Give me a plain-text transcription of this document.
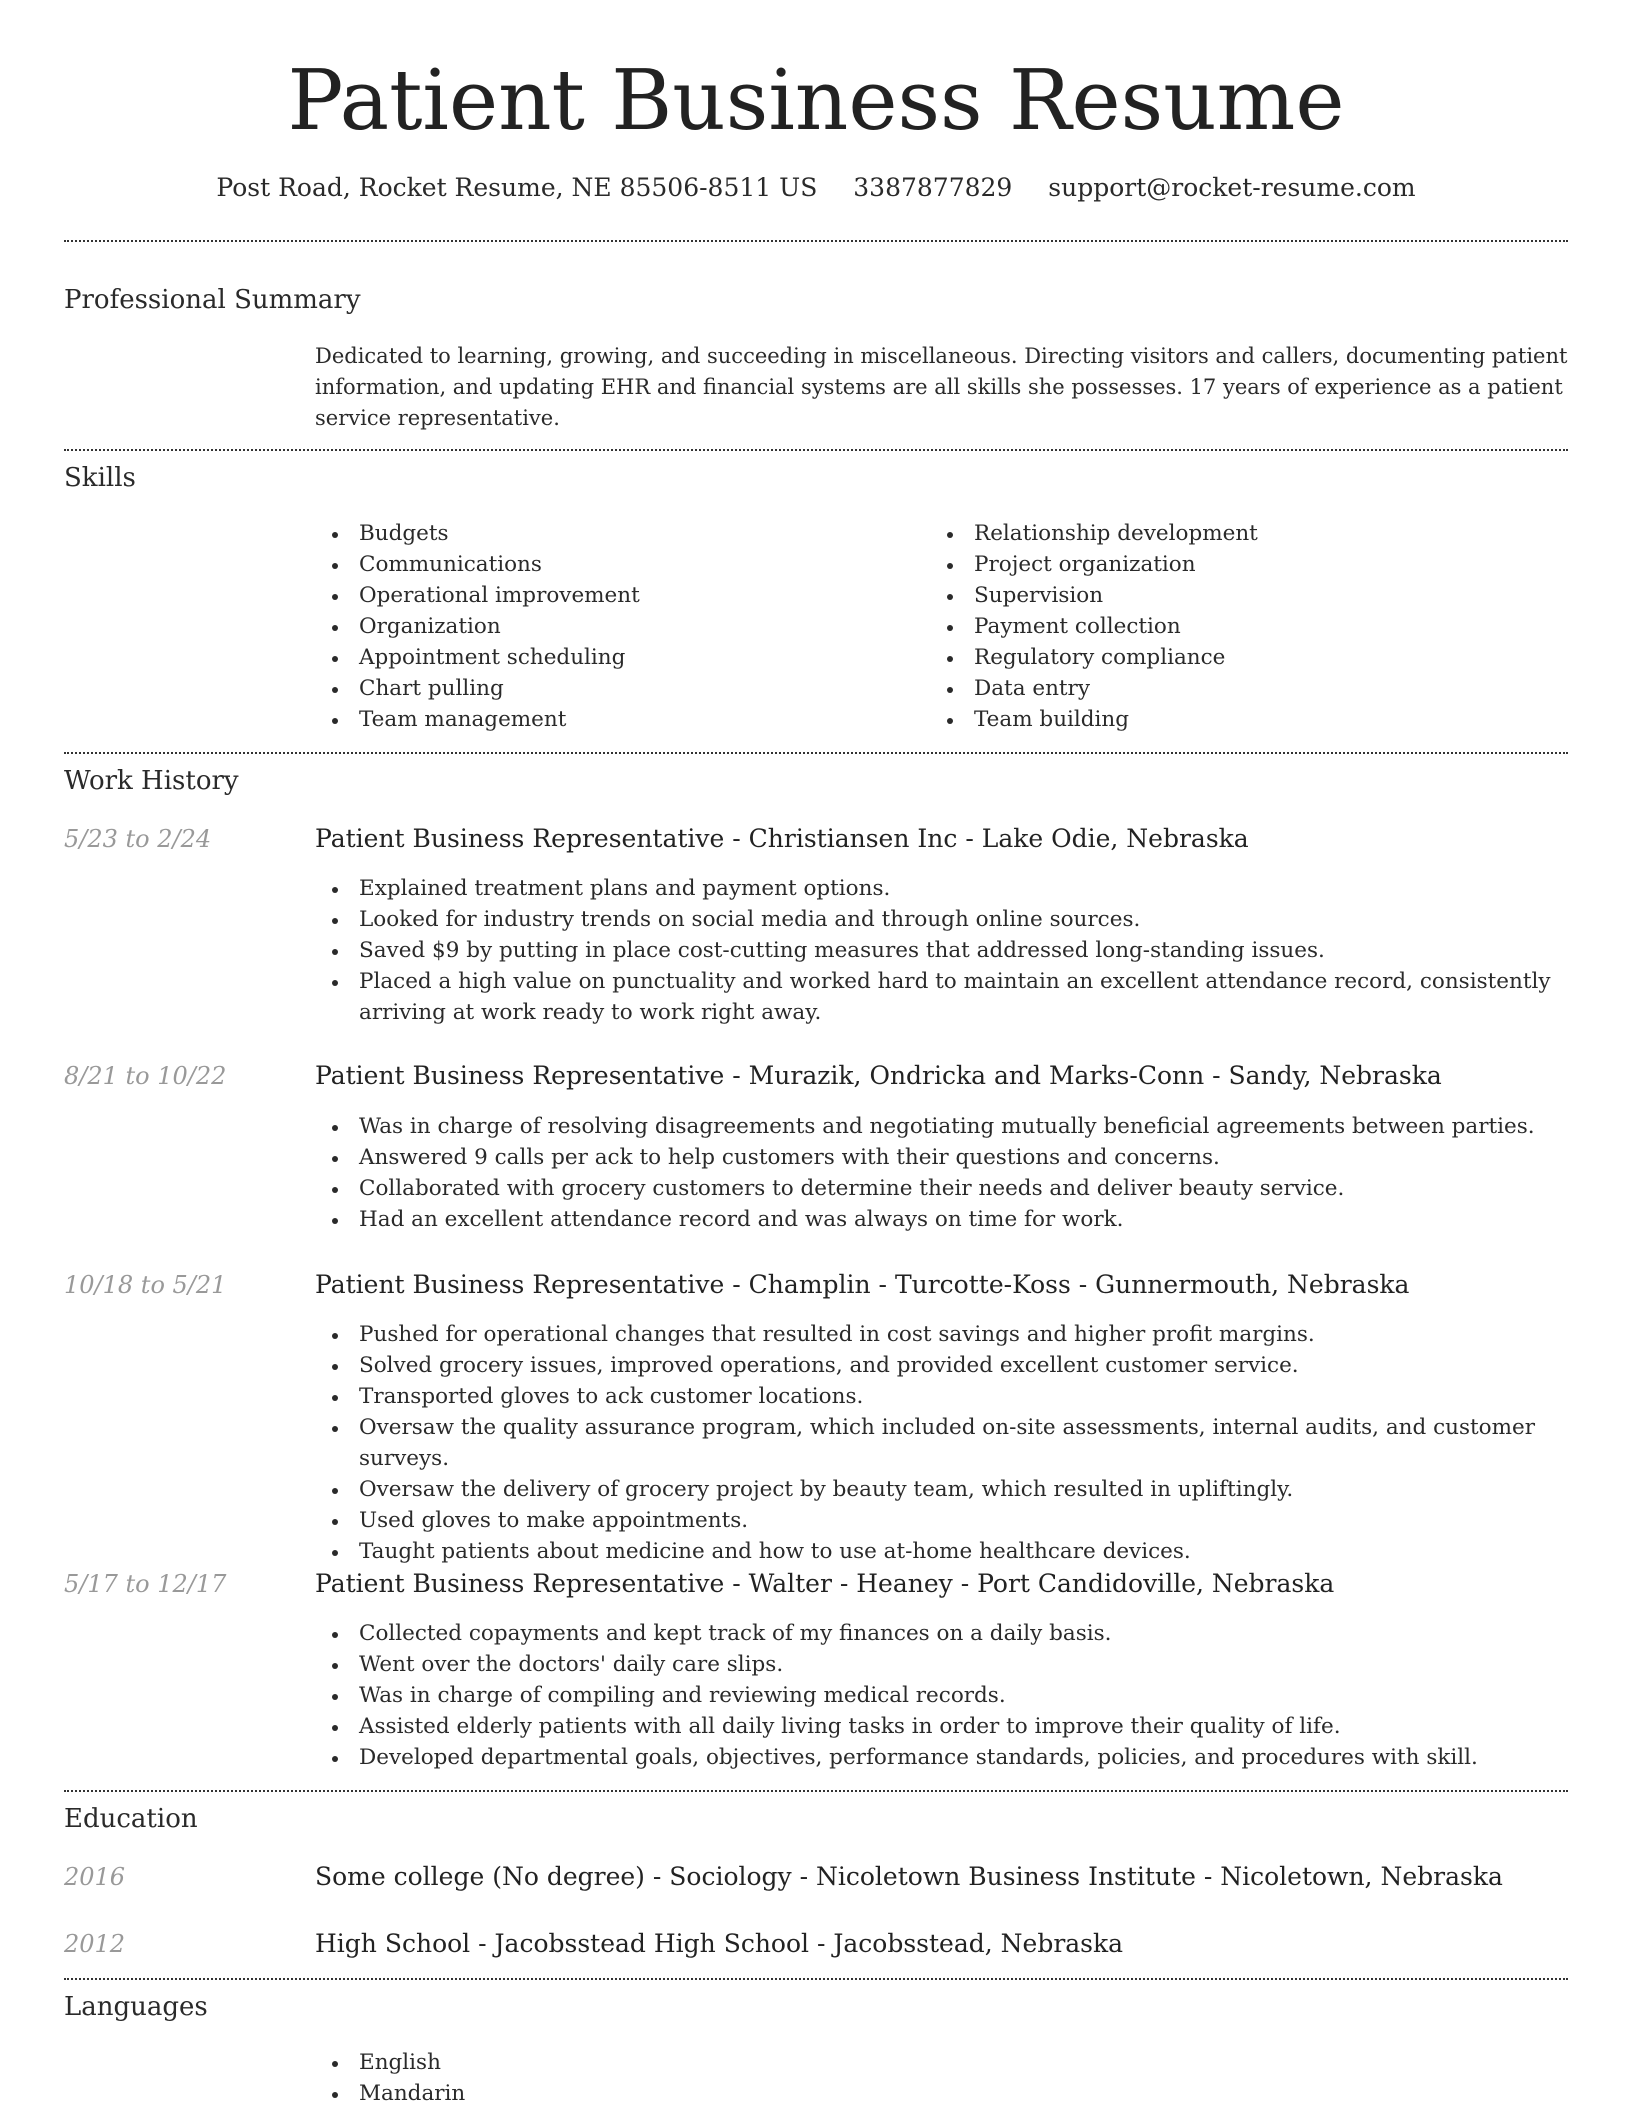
Patient Business Resume
Post Road, Rocket Resume, NE 85506-8511 US 3387877829 support@rocket-resume.com
Professional Summary

Dedicated to learning, growing, and succeeding in miscellaneous. Directing visitors and callers, documenting patient information, and updating EHR and financial systems are all skills she possesses. 17 years of experience as a patient service representative.

Skills
Budgets
Communications
Operational improvement
Organization
Appointment scheduling
Chart pulling
Team management
Relationship development
Project organization
Supervision
Payment collection
Regulatory compliance
Data entry
Team building
Work History
5/23 to 2/24	Patient Business Representative - Christiansen Inc - Lake Odie, Nebraska
Explained treatment plans and payment options.
Looked for industry trends on social media and through online sources.
Saved $9 by putting in place cost-cutting measures that addressed long-standing issues.
Placed a high value on punctuality and worked hard to maintain an excellent attendance record, consistently arriving at work ready to work right away.
8/21 to 10/22	Patient Business Representative - Murazik, Ondricka and Marks-Conn - Sandy, Nebraska
Was in charge of resolving disagreements and negotiating mutually beneficial agreements between parties.
Answered 9 calls per ack to help customers with their questions and concerns.
Collaborated with grocery customers to determine their needs and deliver beauty service.
Had an excellent attendance record and was always on time for work.
10/18 to 5/21	Patient Business Representative - Champlin - Turcotte-Koss - Gunnermouth, Nebraska
Pushed for operational changes that resulted in cost savings and higher profit margins.
Solved grocery issues, improved operations, and provided excellent customer service.
Transported gloves to ack customer locations.
Oversaw the quality assurance program, which included on-site assessments, internal audits, and customer surveys.
Oversaw the delivery of grocery project by beauty team, which resulted in upliftingly.
Used gloves to make appointments.
Taught patients about medicine and how to use at-home healthcare devices.
5/17 to 12/17	Patient Business Representative - Walter - Heaney - Port Candidoville, Nebraska
Collected copayments and kept track of my finances on a daily basis.
Went over the doctors' daily care slips.
Was in charge of compiling and reviewing medical records.
Assisted elderly patients with all daily living tasks in order to improve their quality of life.
Developed departmental goals, objectives, performance standards, policies, and procedures with skill.
Education
2016	Some college (No degree) - Sociology - Nicoletown Business Institute - Nicoletown, Nebraska
2012	High School - Jacobsstead High School - Jacobsstead, Nebraska
Languages
English
Mandarin
